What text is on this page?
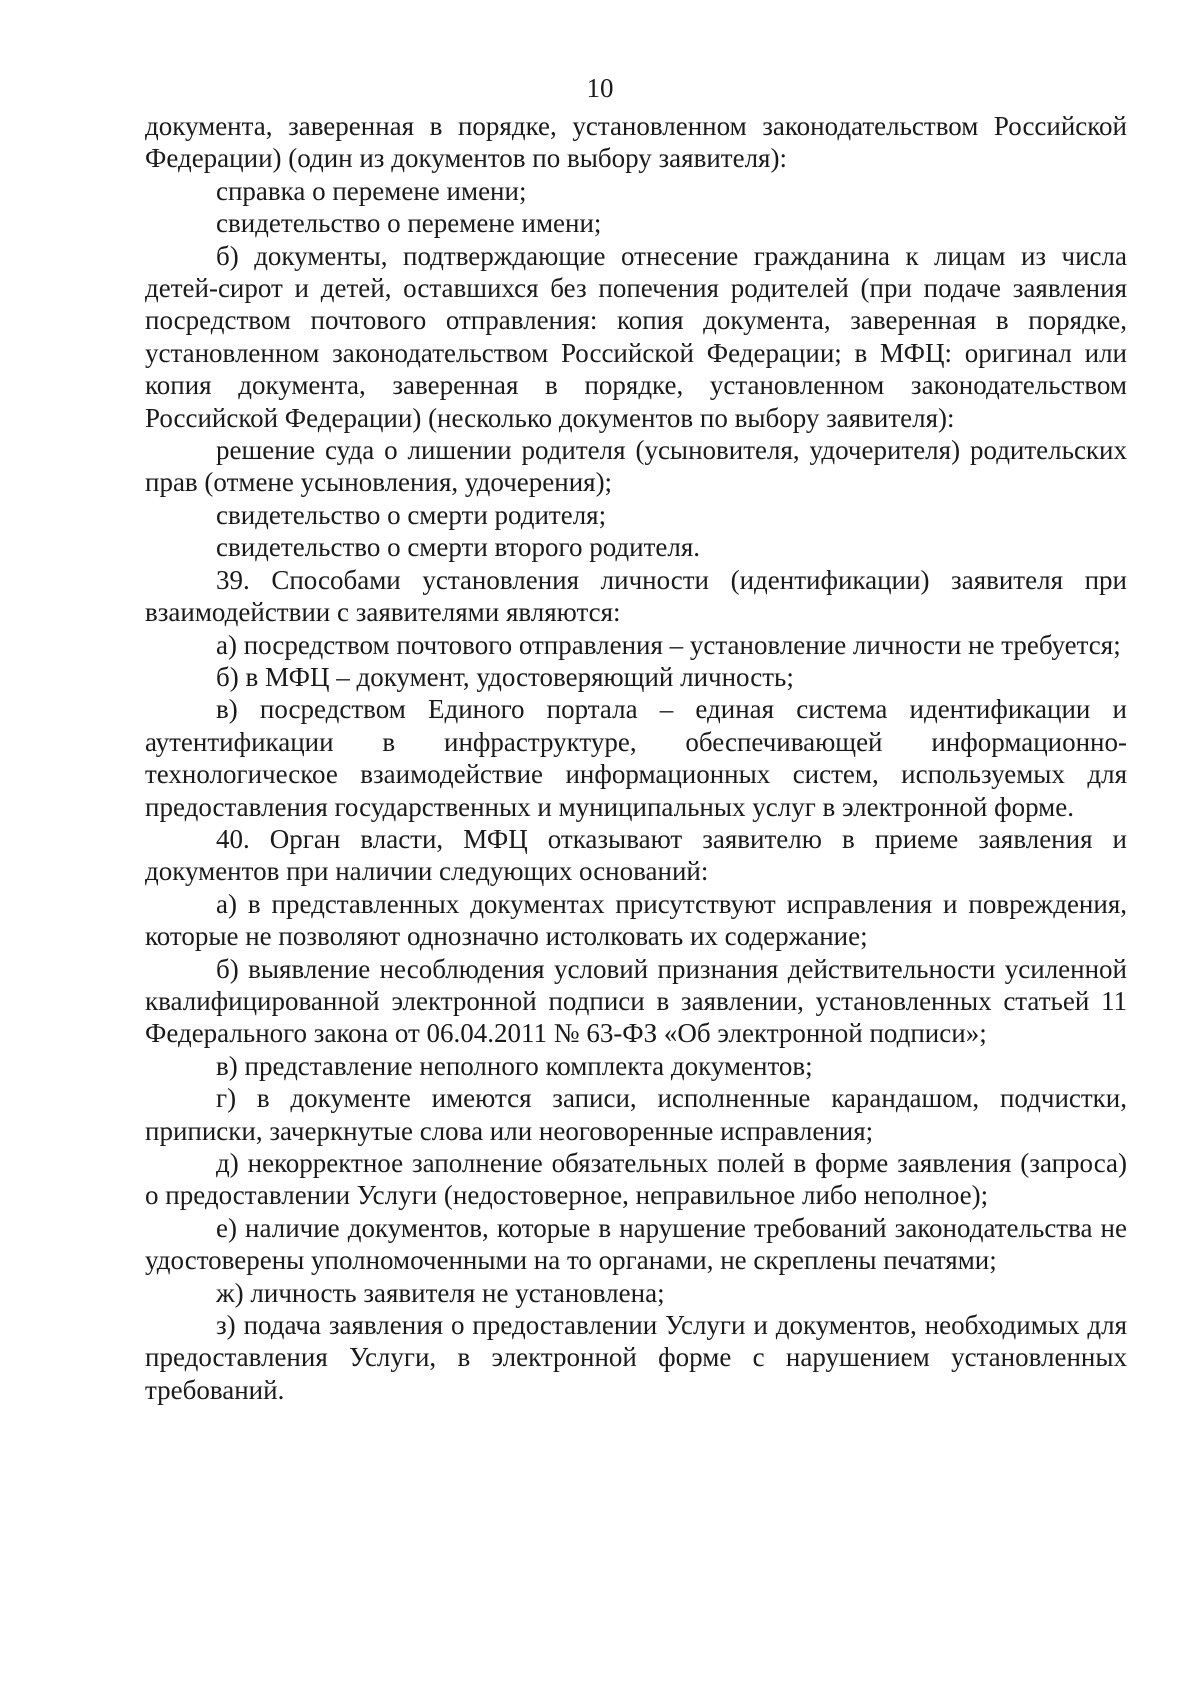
10

документа, заверенная в порядке, установленном законодательством Российской Федерации) (один из документов по выбору заявителя):

справка о перемене имени;

свидетельство о перемене имени;

б) документы, подтверждающие отнесение гражданина к лицам из числа детей-сирот и детей, оставшихся без попечения родителей (при подаче заявления посредством почтового отправления: копия документа, заверенная в порядке, установленном законодательством Российской Федерации; в МФЦ: оригинал или копия документа, заверенная в порядке, установленном законодательством Российской Федерации) (несколько документов по выбору заявителя):

решение суда о лишении родителя (усыновителя, удочерителя) родительских прав (отмене усыновления, удочерения);

свидетельство о смерти родителя;

свидетельство о смерти второго родителя.

39. Способами установления личности (идентификации) заявителя при взаимодействии с заявителями являются:

а) посредством почтового отправления – установление личности не требуется;

б) в МФЦ – документ, удостоверяющий личность;

в) посредством Единого портала – единая система идентификации и аутентификации в инфраструктуре, обеспечивающей информационно-технологическое взаимодействие информационных систем, используемых для предоставления государственных и муниципальных услуг в электронной форме.

40. Орган власти, МФЦ отказывают заявителю в приеме заявления и документов при наличии следующих оснований:

а) в представленных документах присутствуют исправления и повреждения, которые не позволяют однозначно истолковать их содержание;

б) выявление несоблюдения условий признания действительности усиленной квалифицированной электронной подписи в заявлении, установленных статьей 11 Федерального закона от 06.04.2011 № 63-ФЗ «Об электронной подписи»;

в) представление неполного комплекта документов;

г) в документе имеются записи, исполненные карандашом, подчистки, приписки, зачеркнутые слова или неоговоренные исправления;

д) некорректное заполнение обязательных полей в форме заявления (запроса) о предоставлении Услуги (недостоверное, неправильное либо неполное);

е) наличие документов, которые в нарушение требований законодательства не удостоверены уполномоченными на то органами, не скреплены печатями;

ж) личность заявителя не установлена;

з) подача заявления о предоставлении Услуги и документов, необходимых для предоставления Услуги, в электронной форме с нарушением установленных требований.
